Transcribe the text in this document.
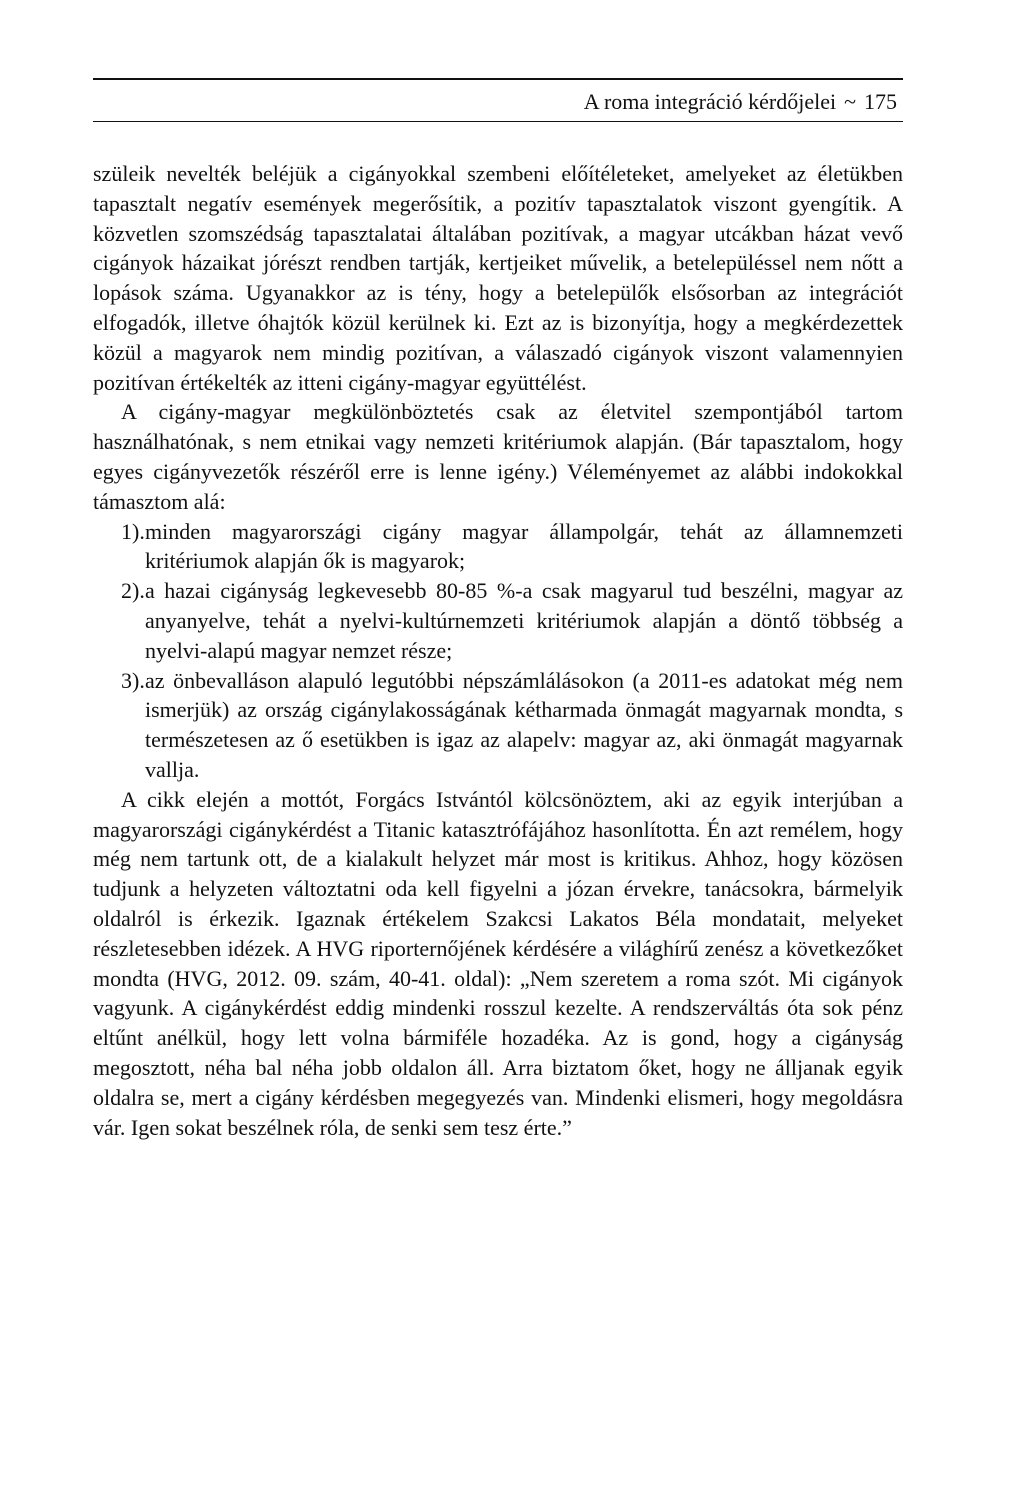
A roma integráció kérdőjelei ~ 175

szüleik nevelték beléjük a cigányokkal szembeni előítéleteket, amelyeket az életükben tapasztalt negatív események megerősítik, a pozitív tapasztalatok viszont gyengítik. A közvetlen szomszédság tapasztalatai általában pozitívak, a magyar utcákban házat vevő cigányok házaikat jórészt rendben tartják, kertjeiket művelik, a betelepüléssel nem nőtt a lopások száma. Ugyanakkor az is tény, hogy a betelepülők elsősorban az integrációt elfogadók, illetve óhajtók közül kerülnek ki. Ezt az is bizonyítja, hogy a megkérdezettek közül a magyarok nem mindig pozitívan, a válaszadó cigányok viszont valamennyien pozitívan értékelték az itteni cigány-magyar együttélést.

A cigány-magyar megkülönböztetés csak az életvitel szempontjából tartom használhatónak, s nem etnikai vagy nemzeti kritériumok alapján. (Bár tapasztalom, hogy egyes cigányvezetők részéről erre is lenne igény.) Véleményemet az alábbi indokokkal támasztom alá:

1). minden magyarországi cigány magyar állampolgár, tehát az államnemzeti kritériumok alapján ők is magyarok;
2). a hazai cigányság legkevesebb 80-85 %-a csak magyarul tud beszélni, magyar az anyanyelve, tehát a nyelvi-kultúrnemzeti kritériumok alapján a döntő többség a nyelvi-alapú magyar nemzet része;
3). az önbevalláson alapuló legutóbbi népszámlálásokon (a 2011-es adatokat még nem ismerjük) az ország cigánylakosságának kétharmada önmagát magyarnak mondta, s természetesen az ő esetükben is igaz az alapelv: magyar az, aki önmagát magyarnak vallja.

A cikk elején a mottót, Forgács Istvántól kölcsönöztem, aki az egyik interjúban a magyarországi cigánykérdést a Titanic katasztrófájához hasonlította. Én azt remélem, hogy még nem tartunk ott, de a kialakult helyzet már most is kritikus. Ahhoz, hogy közösen tudjunk a helyzeten változtatni oda kell figyelni a józan érvekre, tanácsokra, bármelyik oldalról is érkezik. Igaznak értékelem Szakcsi Lakatos Béla mondatait, melyeket részletesebben idézek. A HVG riporternőjének kérdésére a világhírű zenész a következőket mondta (HVG, 2012. 09. szám, 40-41. oldal): „Nem szeretem a roma szót. Mi cigányok vagyunk. A cigánykérdést eddig mindenki rosszul kezelte. A rendszerváltás óta sok pénz eltűnt anélkül, hogy lett volna bármiféle hozadéka. Az is gond, hogy a cigányság megosztott, néha bal néha jobb oldalon áll. Arra biztatom őket, hogy ne álljanak egyik oldalra se, mert a cigány kérdésben megegyezés van. Mindenki elismeri, hogy megoldásra vár. Igen sokat beszélnek róla, de senki sem tesz érte.”
